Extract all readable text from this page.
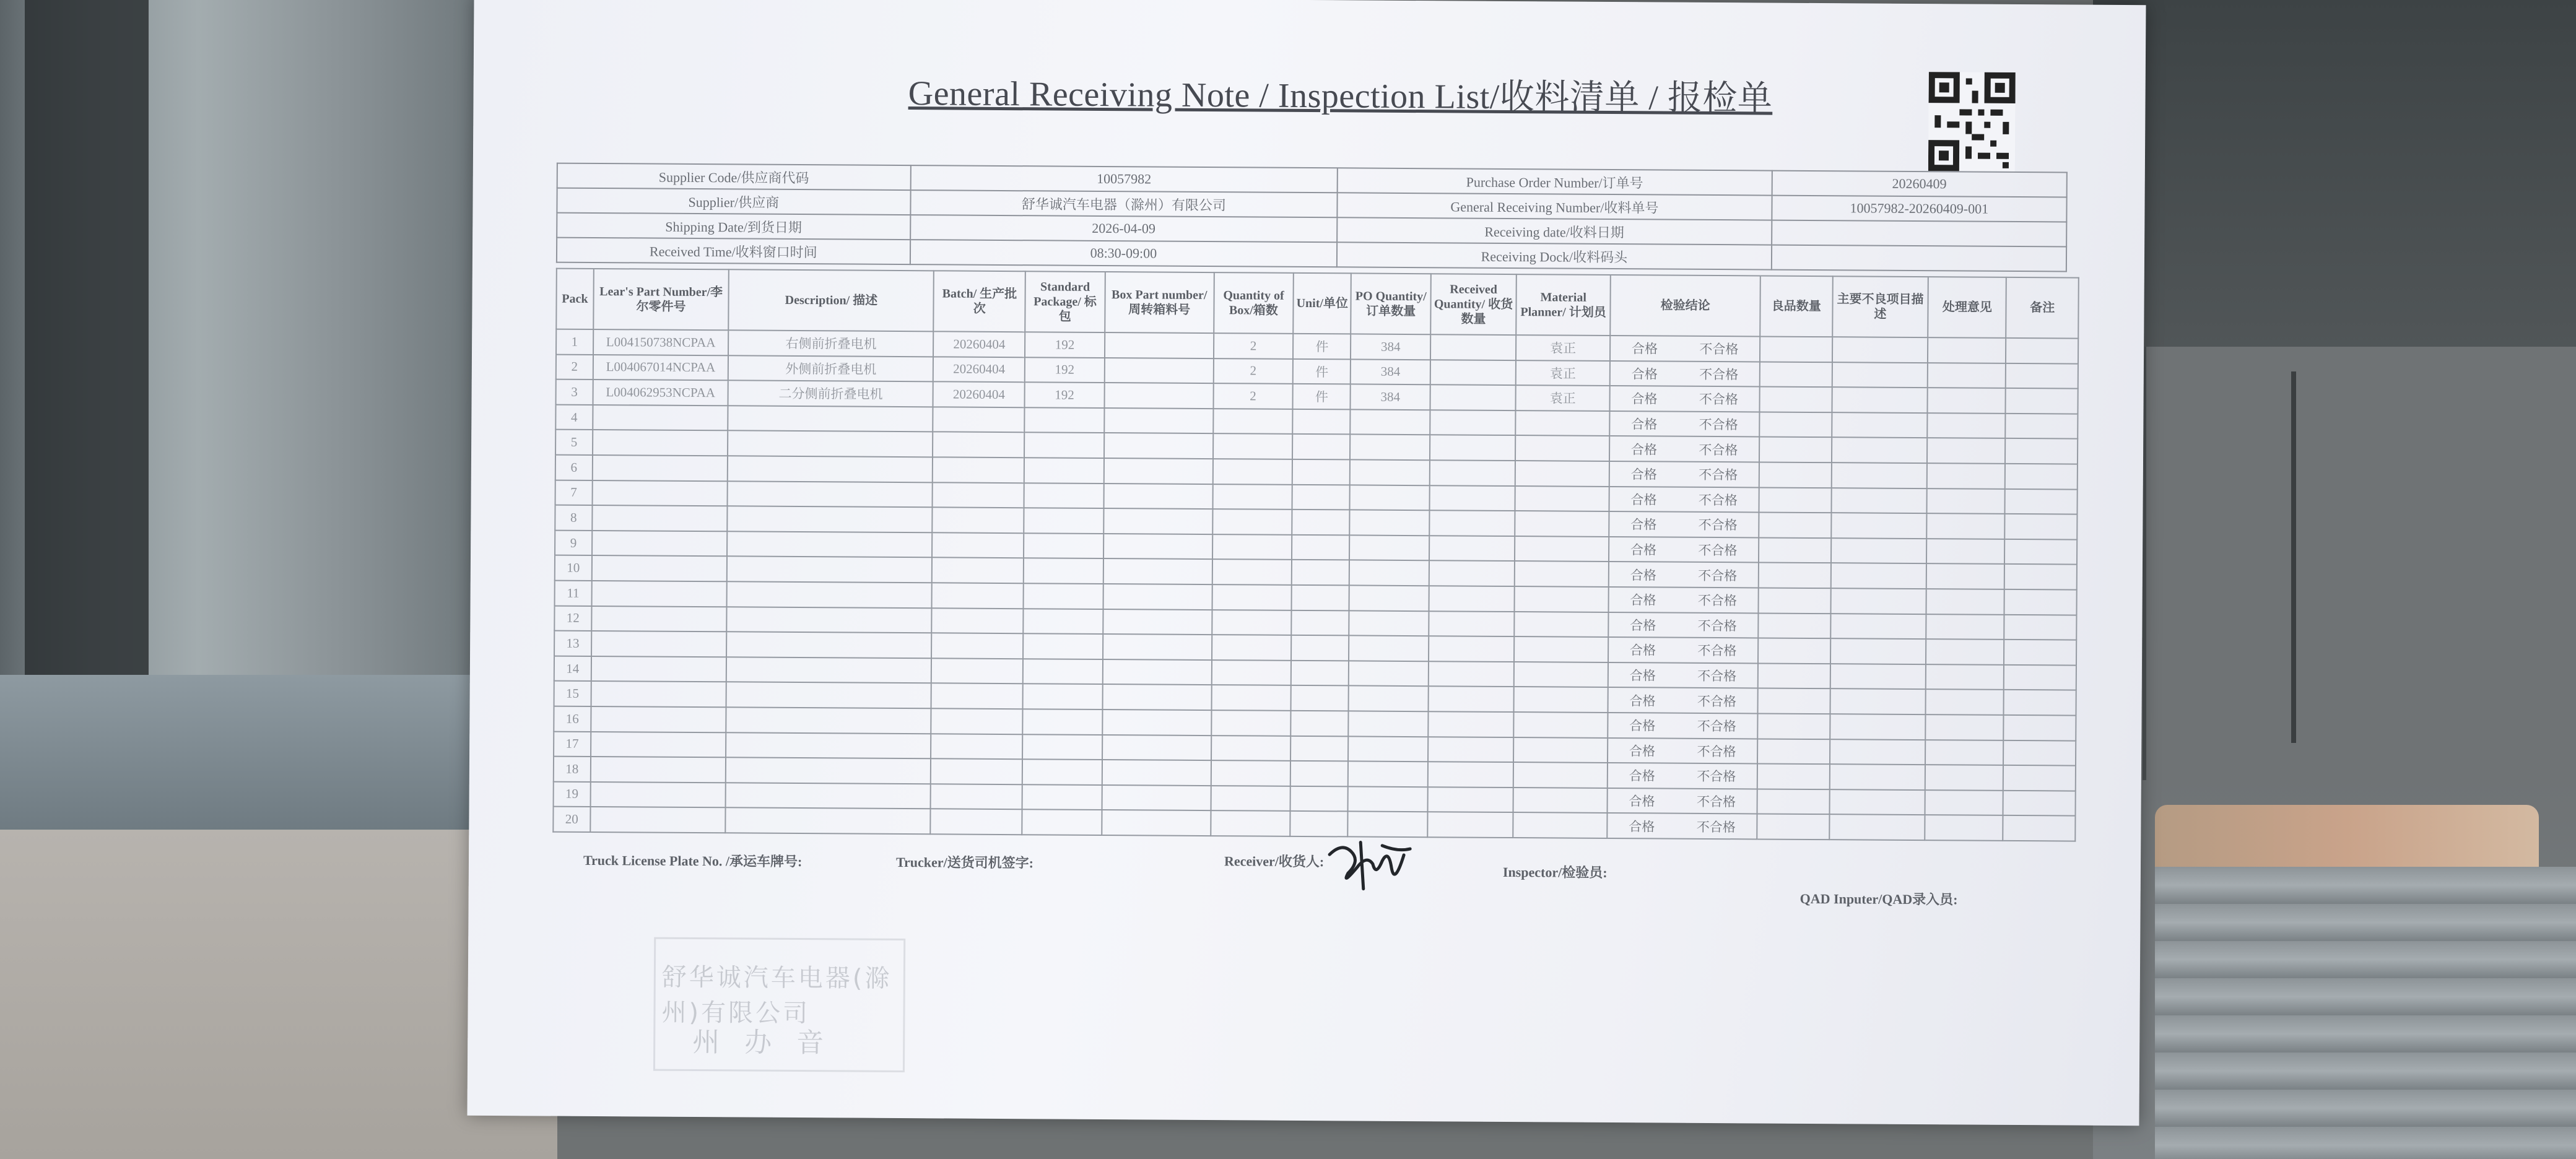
General Receiving Note / Inspection List/收料清单 / 报检单
Supplier Code/供应商代码	10057982	Purchase Order Number/订单号	20260409
Supplier/供应商	舒华诚汽车电器（滁州）有限公司	General Receiving Number/收料单号	10057982-20260409-001
Shipping Date/到货日期	2026-04-09	Receiving date/收料日期	
Received Time/收料窗口时间	08:30-09:00	Receiving Dock/收料码头	
Pack	Lear's Part Number/李尔零件号	Description/ 描述	Batch/ 生产批次	Standard Package/ 标包	Box Part number/ 周转箱料号	Quantity of Box/箱数	Unit/单位	PO Quantity/ 订单数量	Received Quantity/ 收货数量	Material Planner/ 计划员	检验结论	良品数量	主要不良项目描述	处理意见	备注
1	L004150738NCPAA	右侧前折叠电机	20260404	192		2	件	384		袁正	合格 不合格				

2	L004067014NCPAA	外侧前折叠电机	20260404	192		2	件	384		袁正	合格 不合格				

3	L004062953NCPAA	二分侧前折叠电机	20260404	192		2	件	384		袁正	合格 不合格				

4											合格 不合格				

5											合格 不合格				

6											合格 不合格				

7											合格 不合格				

8											合格 不合格				

9											合格 不合格				

10											合格 不合格				

11											合格 不合格				

12											合格 不合格				

13											合格 不合格				

14											合格 不合格				

15											合格 不合格				

16											合格 不合格				

17											合格 不合格				

18											合格 不合格				

19											合格 不合格				

20											合格 不合格				

Truck License Plate No. /承运车牌号:	Trucker/送货司机签字:	Receiver/收货人:
Inspector/检验员:
QAD Inputer/QAD录入员:
舒华诚汽车电器(滁州)有限公司
州办音
